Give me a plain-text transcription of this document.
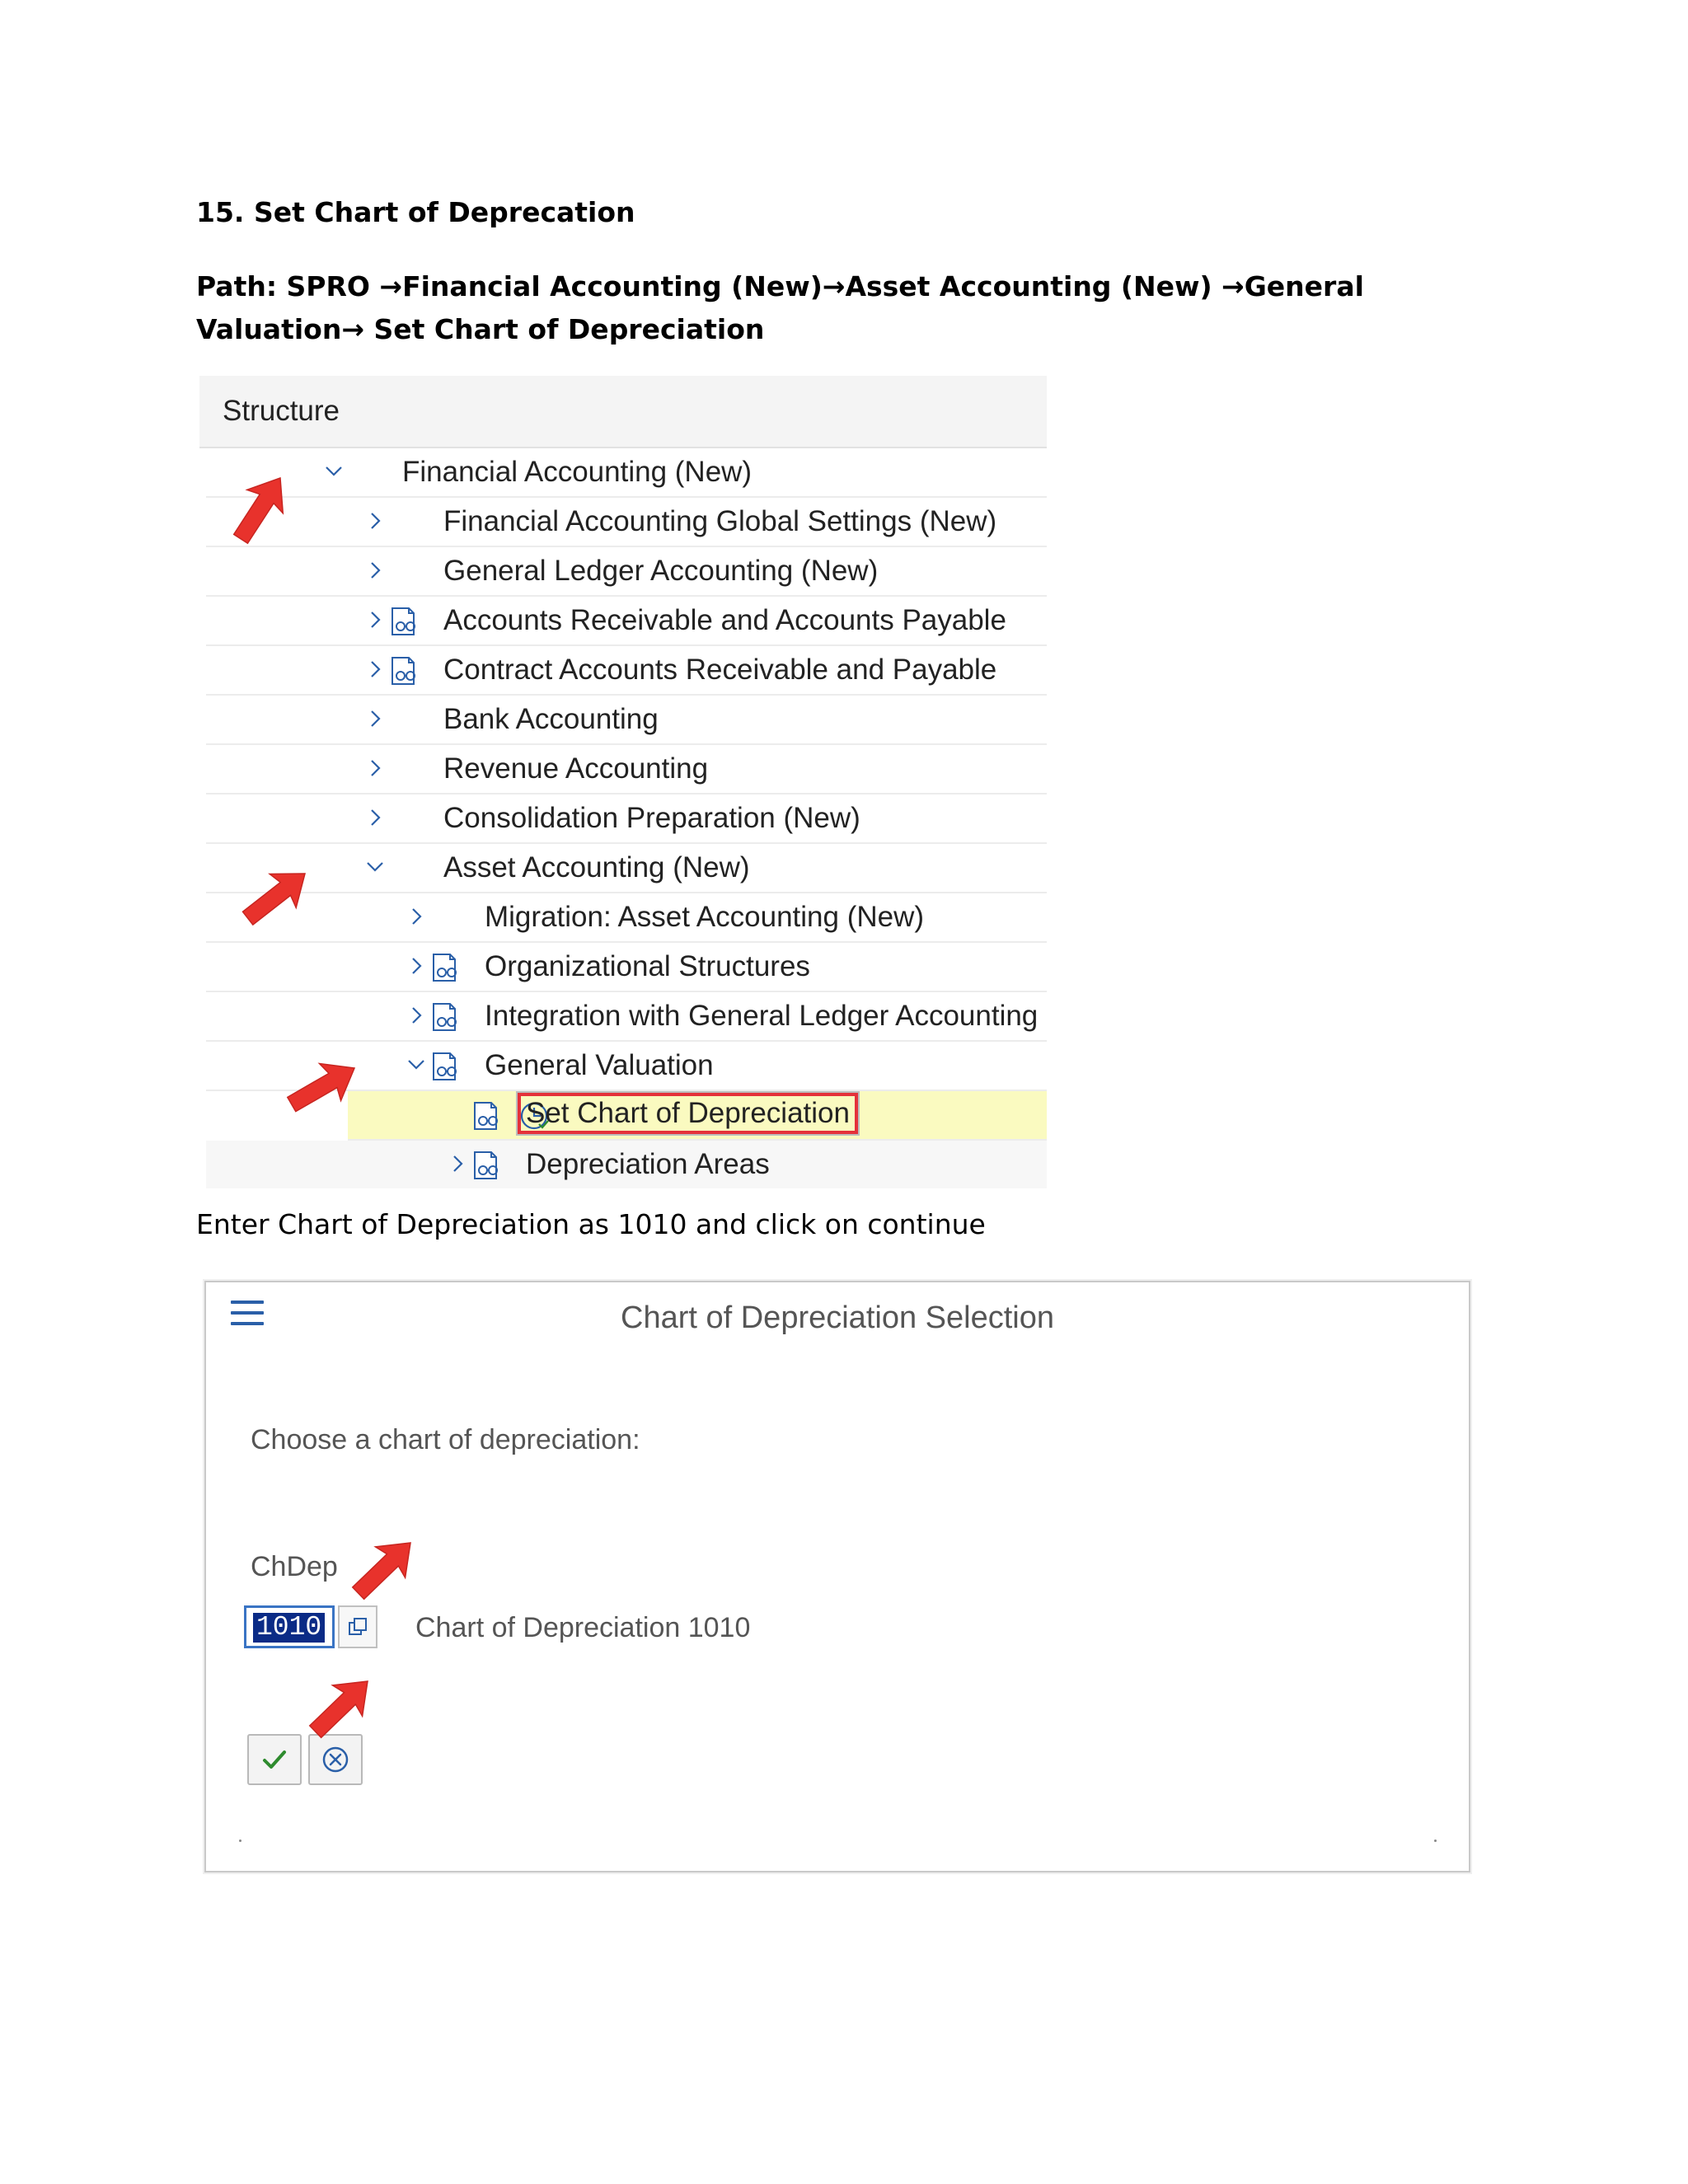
15. Set Chart of Deprecation
Path: SPRO →Financial Accounting (New)→Asset Accounting (New) →General Valuation→ Set Chart of Depreciation
Structure
Financial Accounting (New)
Financial Accounting Global Settings (New)
General Ledger Accounting (New)
Accounts Receivable and Accounts Payable
Contract Accounts Receivable and Payable
Bank Accounting
Revenue Accounting
Consolidation Preparation (New)
Asset Accounting (New)
Migration: Asset Accounting (New)
Organizational Structures
Integration with General Ledger Accounting
General Valuation
Set Chart of Depreciation
Depreciation Areas
Enter Chart of Depreciation as 1010 and click on continue
Chart of Depreciation Selection
Choose a chart of depreciation:
ChDep
1010	Chart of Depreciation 1010
